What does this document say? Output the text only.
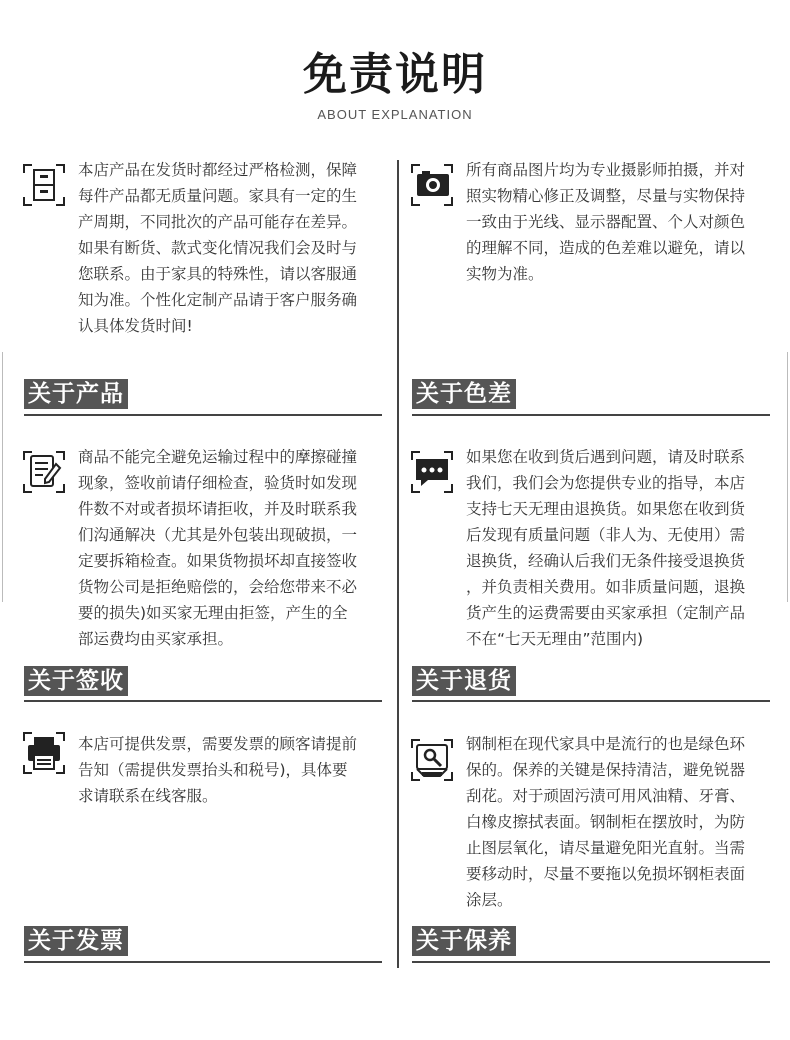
免责说明
ABOUT EXPLANATION
本店产品在发货时都经过严格检测，保障
每件产品都无质量问题。家具有一定的生
产周期，不同批次的产品可能存在差异。
如果有断货、款式变化情况我们会及时与
您联系。由于家具的特殊性，请以客服通
知为准。个性化定制产品请于客户服务确
认具体发货时间!
关于产品
所有商品图片均为专业摄影师拍摄，并对
照实物精心修正及调整，尽量与实物保持
一致由于光线、显示器配置、个人对颜色
的理解不同，造成的色差难以避免，请以
实物为准。
关于色差
商品不能完全避免运输过程中的摩擦碰撞
现象，签收前请仔细检查，验货时如发现
件数不对或者损坏请拒收，并及时联系我
们沟通解决（尤其是外包装出现破损，一
定要拆箱检查。如果货物损坏却直接签收
货物公司是拒绝赔偿的，会给您带来不必
要的损失)如买家无理由拒签，产生的全
部运费均由买家承担。
关于签收
如果您在收到货后遇到问题，请及时联系
我们，我们会为您提供专业的指导，本店
支持七天无理由退换货。如果您在收到货
后发现有质量问题（非人为、无使用）需
退换货，经确认后我们无条件接受退换货
，并负责相关费用。如非质量问题，退换
货产生的运费需要由买家承担（定制产品
不在“七天无理由”范围内)
关于退货
本店可提供发票，需要发票的顾客请提前
告知（需提供发票抬头和税号)，具体要
求请联系在线客服。
关于发票
钢制柜在现代家具中是流行的也是绿色环
保的。保养的关键是保持清洁，避免锐器
刮花。对于顽固污渍可用风油精、牙膏、
白橡皮擦拭表面。钢制柜在摆放时，为防
止图层氧化，请尽量避免阳光直射。当需
要移动时，尽量不要拖以免损坏钢柜表面
涂层。
关于保养
